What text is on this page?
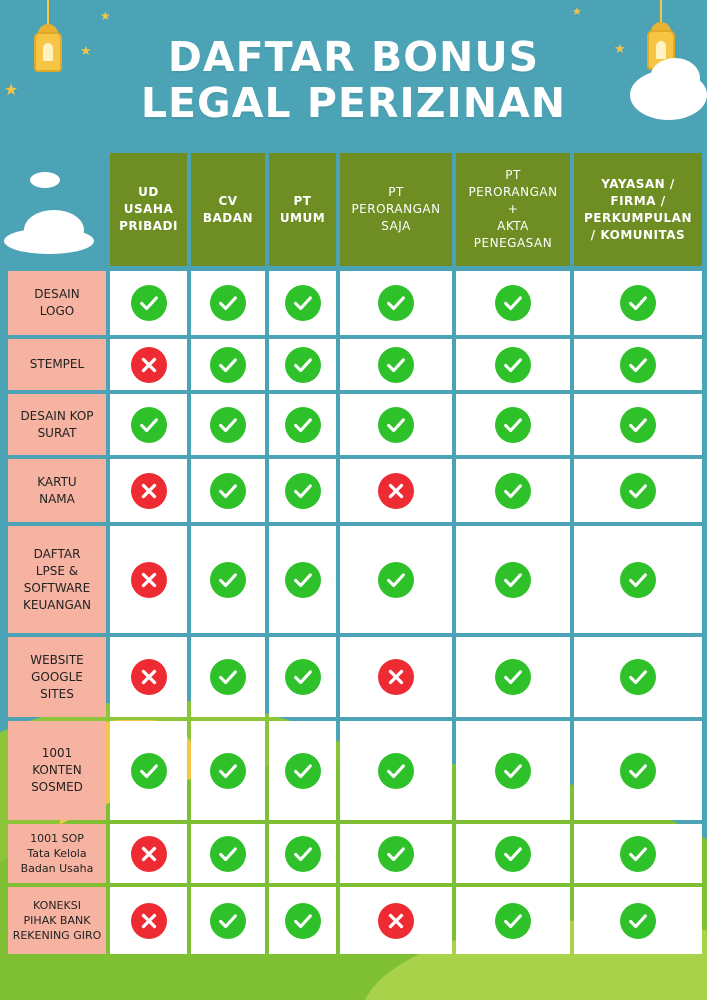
★
★
★
★
★
DAFTAR BONUS
LEGAL PERIZINAN
UD
USAHA
PRIBADI
CV
BADAN
PT
UMUM
PT
PERORANGAN
SAJA
PT
PERORANGAN
+
AKTA
PENEGASAN
YAYASAN /
FIRMA /
PERKUMPULAN
/ KOMUNITAS
DESAIN
LOGO
STEMPEL
DESAIN KOP
SURAT
KARTU
NAMA
DAFTAR
LPSE &
SOFTWARE
KEUANGAN
WEBSITE
GOOGLE
SITES
1001
KONTEN
SOSMED
1001 SOP
Tata Kelola
Badan Usaha
KONEKSI
PIHAK BANK
REKENING GIRO
